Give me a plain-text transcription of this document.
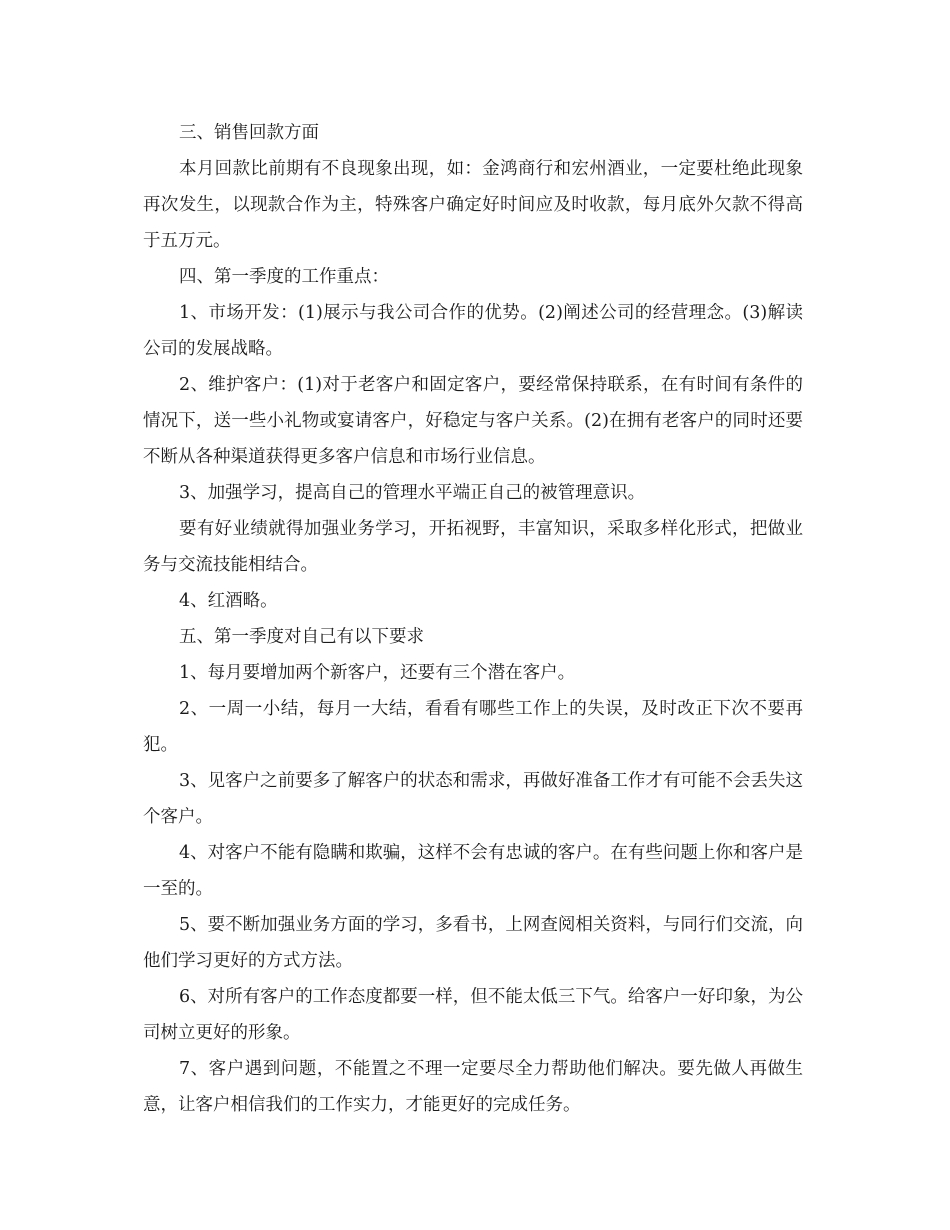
三、销售回款方面

本月回款比前期有不良现象出现，如：金鸿商行和宏州酒业，一定要杜绝此现象再次发生，以现款合作为主，特殊客户确定好时间应及时收款，每月底外欠款不得高于五万元。

四、第一季度的工作重点：

1、市场开发：(1)展示与我公司合作的优势。(2)阐述公司的经营理念。(3)解读公司的发展战略。

2、维护客户：(1)对于老客户和固定客户，要经常保持联系，在有时间有条件的情况下，送一些小礼物或宴请客户，好稳定与客户关系。(2)在拥有老客户的同时还要不断从各种渠道获得更多客户信息和市场行业信息。

3、加强学习，提高自己的管理水平端正自己的被管理意识。

要有好业绩就得加强业务学习，开拓视野，丰富知识，采取多样化形式，把做业务与交流技能相结合。

4、红酒略。

五、第一季度对自己有以下要求

1、每月要增加两个新客户，还要有三个潜在客户。

2、一周一小结，每月一大结，看看有哪些工作上的失误，及时改正下次不要再犯。

3、见客户之前要多了解客户的状态和需求，再做好准备工作才有可能不会丢失这个客户。

4、对客户不能有隐瞒和欺骗，这样不会有忠诚的客户。在有些问题上你和客户是一至的。

5、要不断加强业务方面的学习，多看书，上网查阅相关资料，与同行们交流，向他们学习更好的方式方法。

6、对所有客户的工作态度都要一样，但不能太低三下气。给客户一好印象，为公司树立更好的形象。

7、客户遇到问题，不能置之不理一定要尽全力帮助他们解决。要先做人再做生意，让客户相信我们的工作实力，才能更好的完成任务。
